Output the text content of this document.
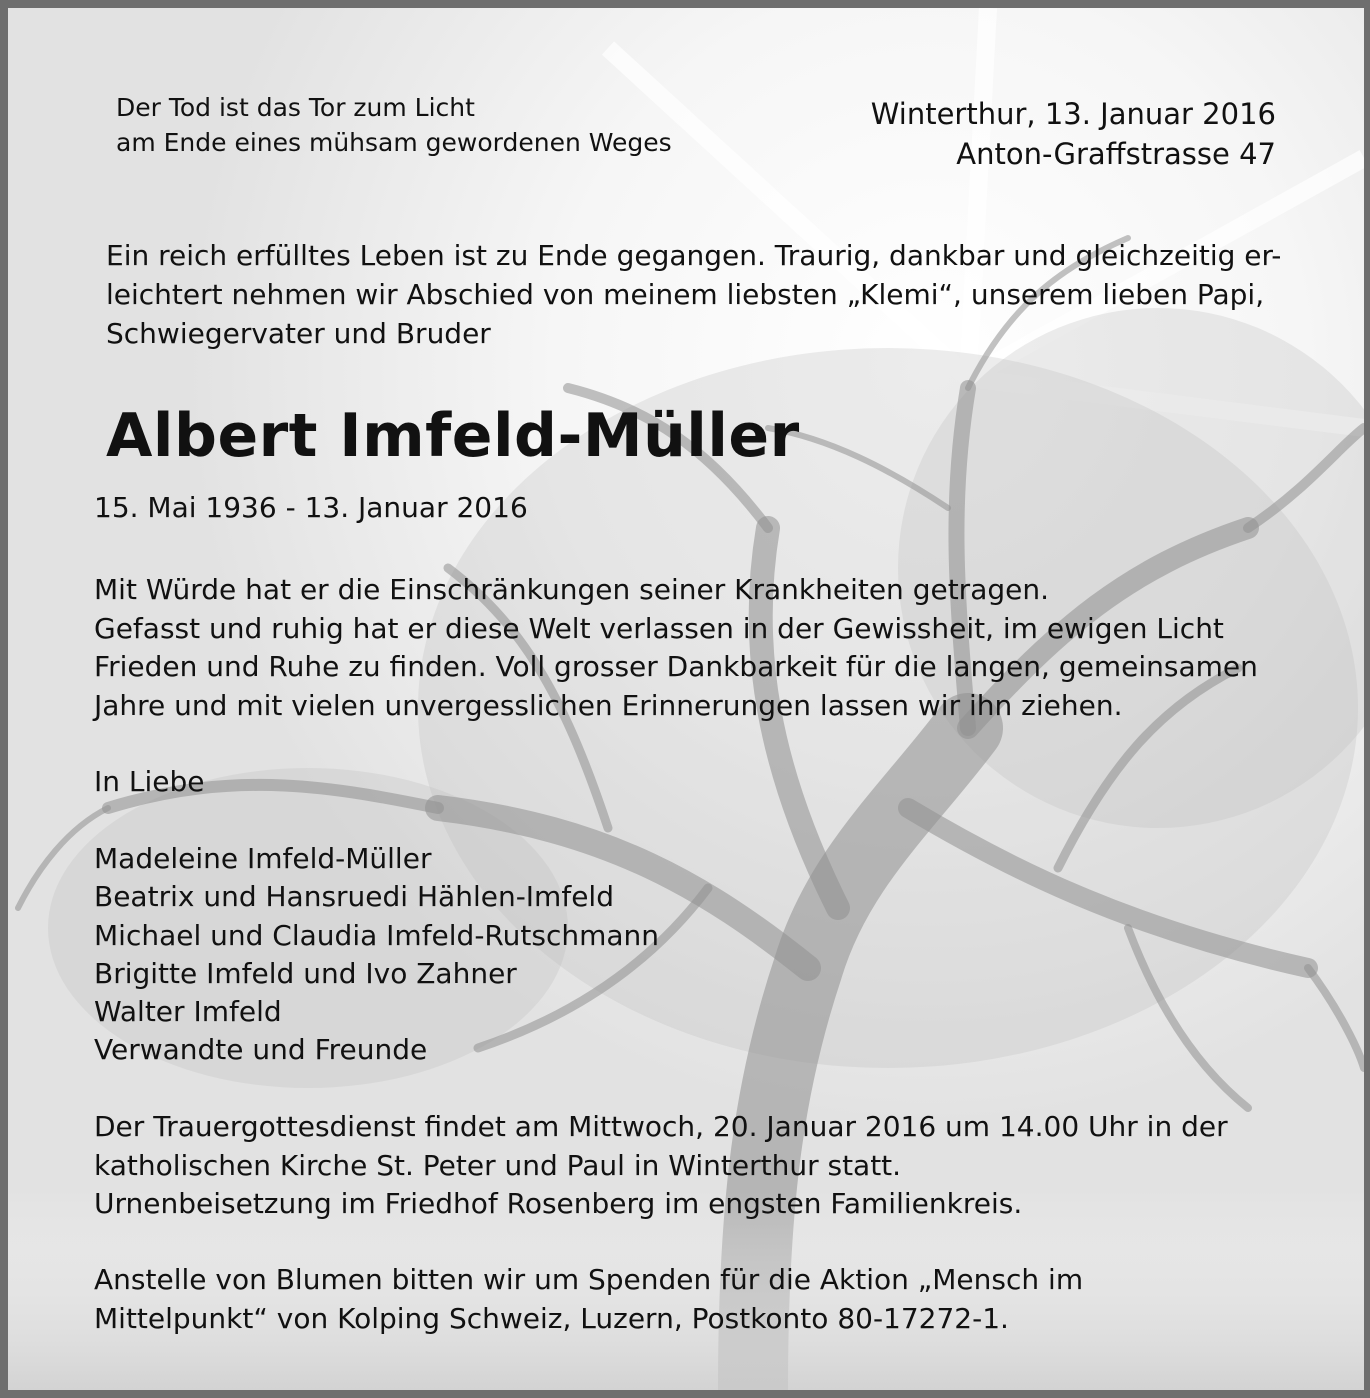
Der Tod ist das Tor zum Licht
am Ende eines mühsam gewordenen Weges
Winterthur, 13. Januar 2016
Anton-Graffstrasse 47
Ein reich erfülltes Leben ist zu Ende gegangen. Traurig, dankbar und gleichzeitig er-
leichtert nehmen wir Abschied von meinem liebsten „Klemi“, unserem lieben Papi,
Schwiegervater und Bruder
Albert Imfeld-Müller
15. Mai 1936 - 13. Januar 2016
Mit Würde hat er die Einschränkungen seiner Krankheiten getragen.
Gefasst und ruhig hat er diese Welt verlassen in der Gewissheit, im ewigen Licht
Frieden und Ruhe zu finden. Voll grosser Dankbarkeit für die langen, gemeinsamen
Jahre und mit vielen unvergesslichen Erinnerungen lassen wir ihn ziehen.
In Liebe
Madeleine Imfeld-Müller
Beatrix und Hansruedi Hählen-Imfeld
Michael und Claudia Imfeld-Rutschmann
Brigitte Imfeld und Ivo Zahner
Walter Imfeld
Verwandte und Freunde
Der Trauergottesdienst findet am Mittwoch, 20. Januar 2016 um 14.00 Uhr in der
katholischen Kirche St. Peter und Paul in Winterthur statt.
Urnenbeisetzung im Friedhof Rosenberg im engsten Familienkreis.
Anstelle von Blumen bitten wir um Spenden für die Aktion „Mensch im
Mittelpunkt“ von Kolping Schweiz, Luzern, Postkonto 80-17272-1.
